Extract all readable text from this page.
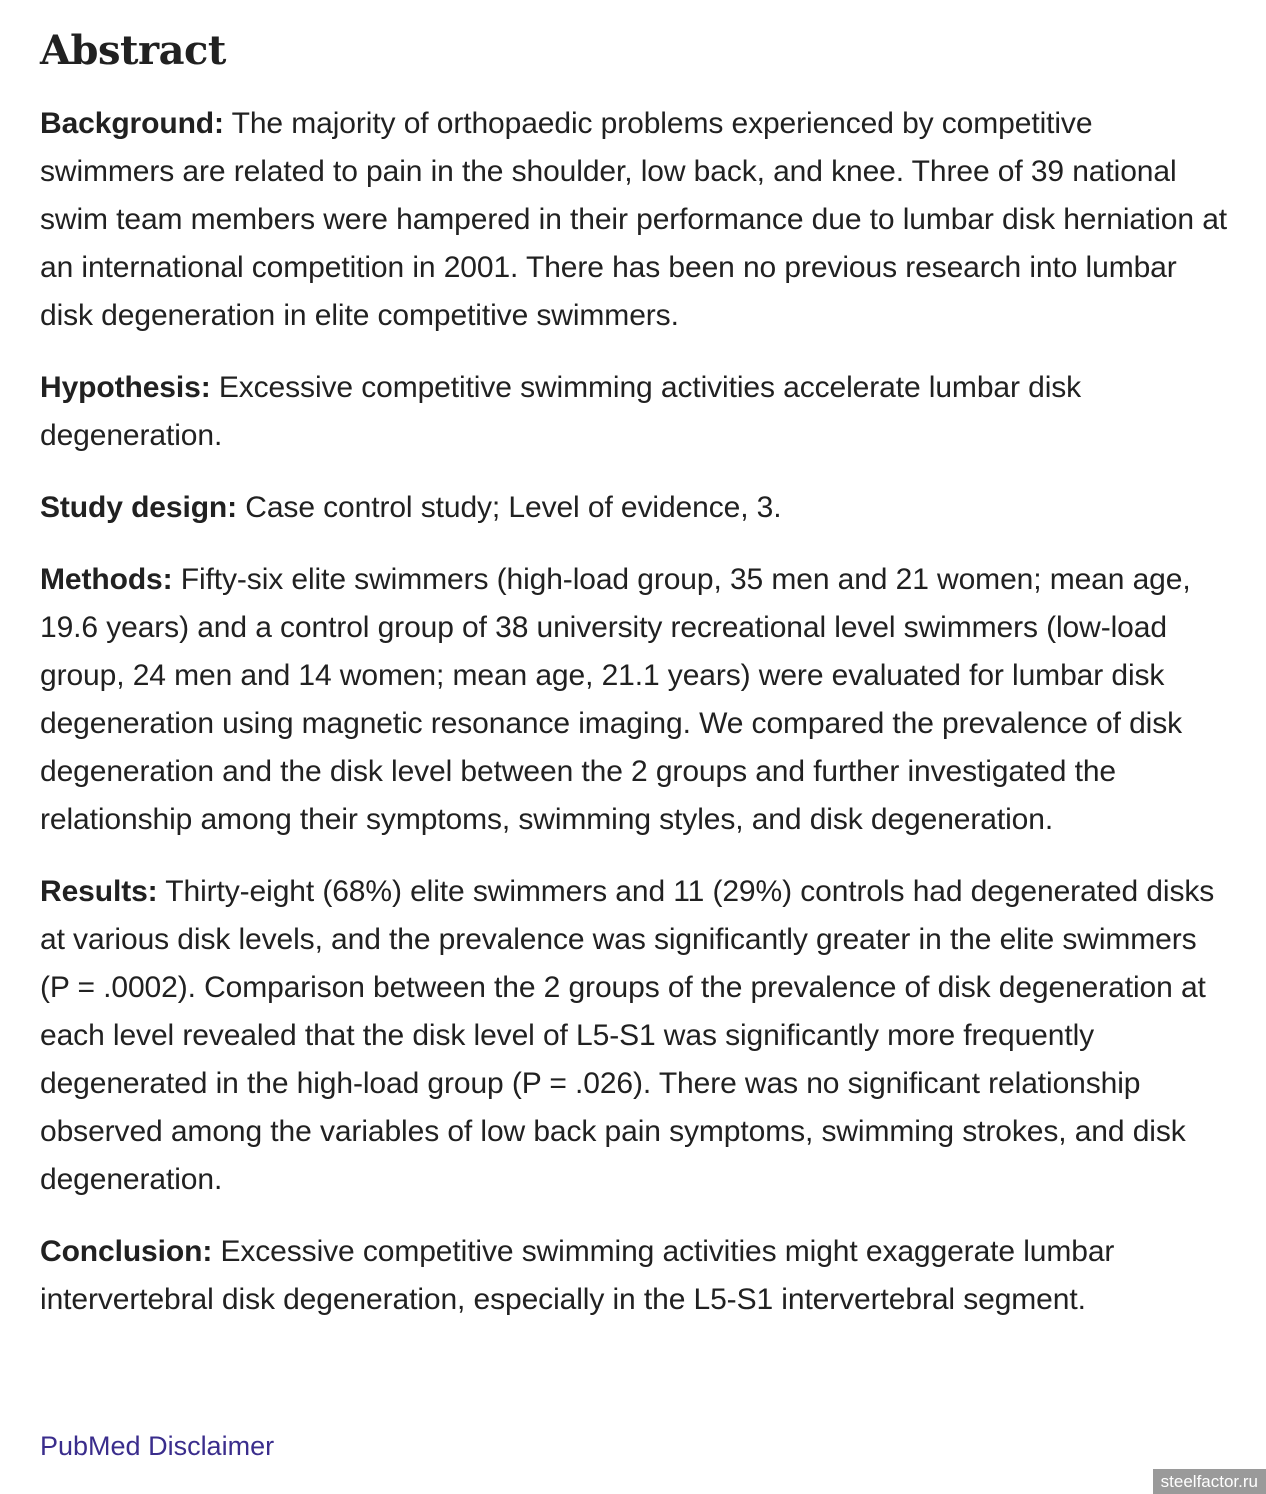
Abstract

Background: The majority of orthopaedic problems experienced by competitive swimmers are related to pain in the shoulder, low back, and knee. Three of 39 national swim team members were hampered in their performance due to lumbar disk herniation at an international competition in 2001. There has been no previous research into lumbar disk degeneration in elite competitive swimmers.

Hypothesis: Excessive competitive swimming activities accelerate lumbar disk degeneration.

Study design: Case control study; Level of evidence, 3.

Methods: Fifty-six elite swimmers (high-load group, 35 men and 21 women; mean age, 19.6 years) and a control group of 38 university recreational level swimmers (low-load group, 24 men and 14 women; mean age, 21.1 years) were evaluated for lumbar disk degeneration using magnetic resonance imaging. We compared the prevalence of disk degeneration and the disk level between the 2 groups and further investigated the relationship among their symptoms, swimming styles, and disk degeneration.

Results: Thirty-eight (68%) elite swimmers and 11 (29%) controls had degenerated disks at various disk levels, and the prevalence was significantly greater in the elite swimmers (P = .0002). Comparison between the 2 groups of the prevalence of disk degeneration at each level revealed that the disk level of L5-S1 was significantly more frequently degenerated in the high-load group (P = .026). There was no significant relationship observed among the variables of low back pain symptoms, swimming strokes, and disk degeneration.

Conclusion: Excessive competitive swimming activities might exaggerate lumbar intervertebral disk degeneration, especially in the L5-S1 intervertebral segment.

PubMed Disclaimer
steelfactor.ru
